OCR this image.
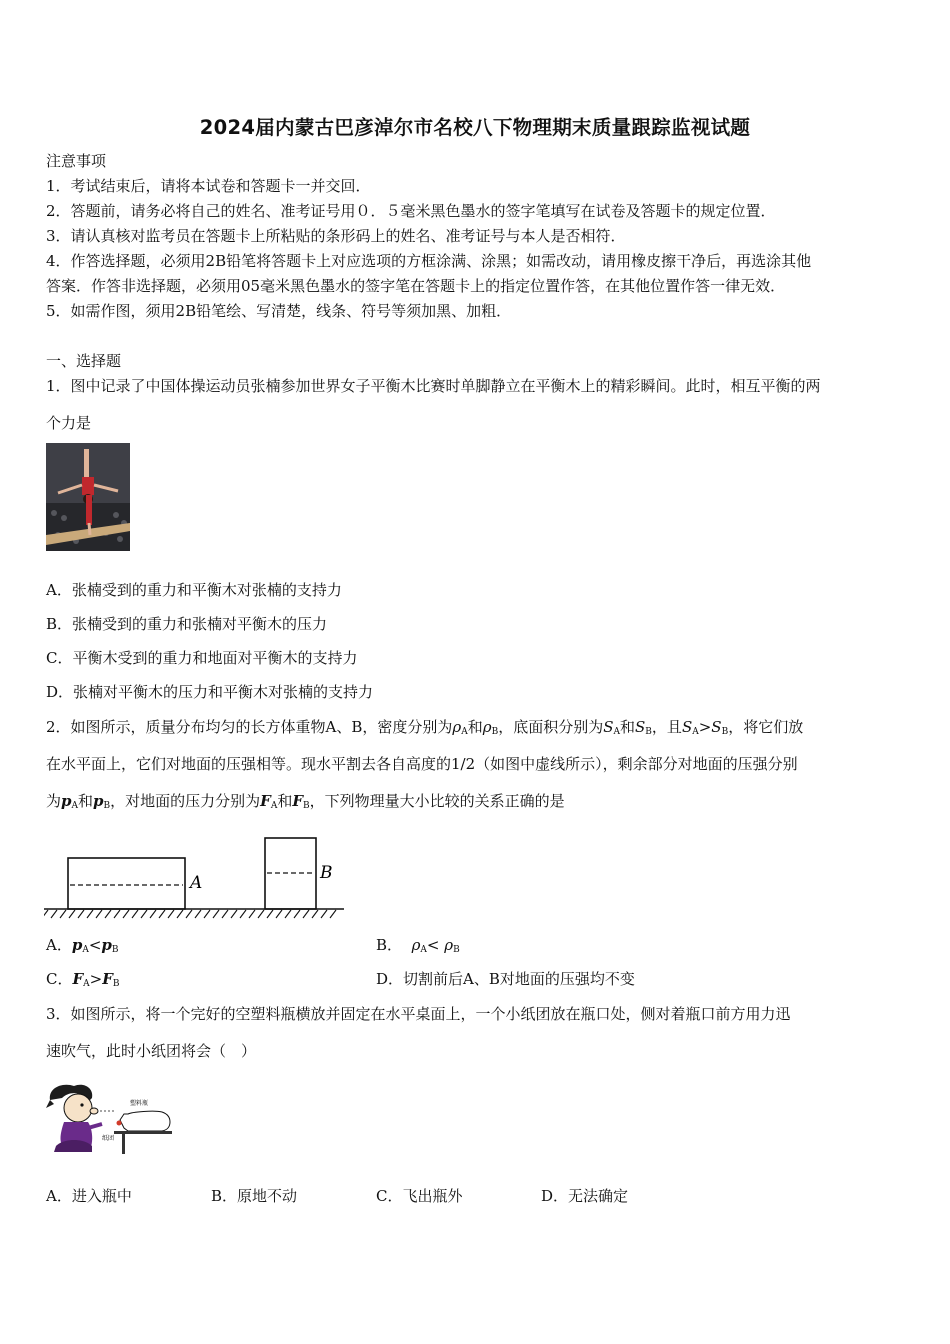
2024届内蒙古巴彦淖尔市名校八下物理期末质量跟踪监视试题
注意事项
1．考试结束后，请将本试卷和答题卡一并交回．
2．答题前，请务必将自己的姓名、准考证号用０．５毫米黑色墨水的签字笔填写在试卷及答题卡的规定位置．
3．请认真核对监考员在答题卡上所粘贴的条形码上的姓名、准考证号与本人是否相符．
4．作答选择题，必须用2B铅笔将答题卡上对应选项的方框涂满、涂黑；如需改动，请用橡皮擦干净后，再选涂其他
答案．作答非选择题，必须用05毫米黑色墨水的签字笔在答题卡上的指定位置作答，在其他位置作答一律无效．
5．如需作图，须用2B铅笔绘、写清楚，线条、符号等须加黑、加粗．
一、选择题
1．图中记录了中国体操运动员张楠参加世界女子平衡木比赛时单脚静立在平衡木上的精彩瞬间。此时，相互平衡的两
个力是
A．张楠受到的重力和平衡木对张楠的支持力
B．张楠受到的重力和张楠对平衡木的压力
C．平衡木受到的重力和地面对平衡木的支持力
D．张楠对平衡木的压力和平衡木对张楠的支持力
2．如图所示，质量分布均匀的长方体重物A、B，密度分别为$\rho_A$和$\rho_B$，底面积分别为$S_A$和$S_B$，且$S_A>S_B$，将它们放
在水平面上，它们对地面的压强相等。现水平割去各自高度的1/2（如图中虚线所示），剩余部分对地面的压强分别
为$p_A$和$p_B$，对地面的压力分别为$F_A$和$F_B$，下列物理量大小比较的关系正确的是
A	B
A．$p_A<p_B$	B． $\rho_A< \rho_B$
C．$F_A>F_B$	D．切割前后A、B对地面的压强均不变
3．如图所示，将一个完好的空塑料瓶横放并固定在水平桌面上，一个小纸团放在瓶口处，侧对着瓶口前方用力迅
速吹气，此时小纸团将会（　）
塑料瓶
纸团
A．进入瓶中	B．原地不动	C．飞出瓶外	D．无法确定
